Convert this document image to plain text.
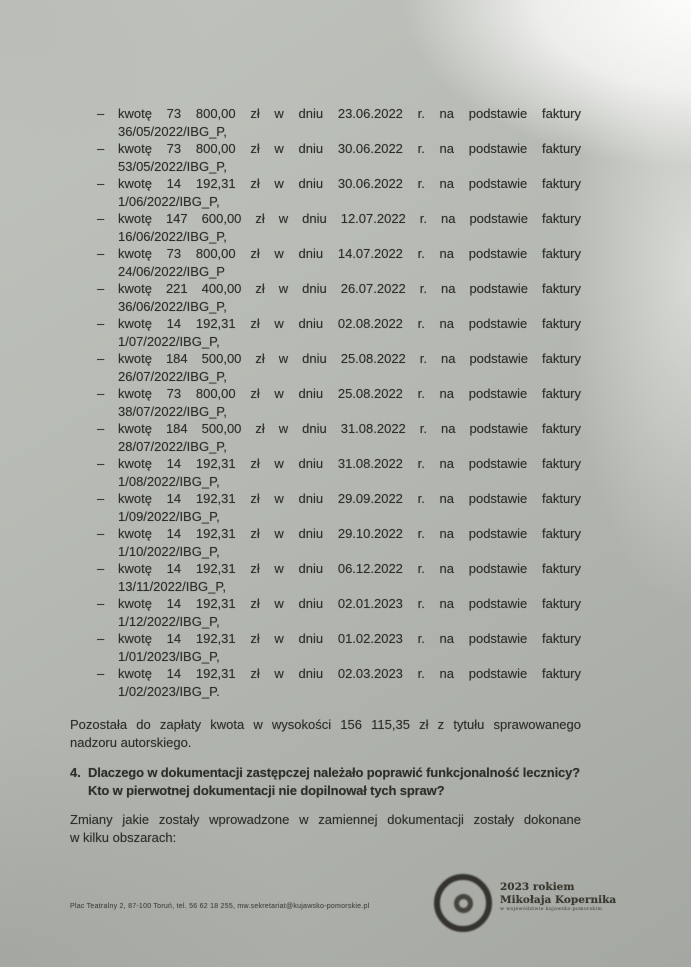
– kwotę 73 800,00 zł w dniu 23.06.2022 r. na podstawie faktury
36/05/2022/IBG_P,
– kwotę 73 800,00 zł w dniu 30.06.2022 r. na podstawie faktury
53/05/2022/IBG_P,
– kwotę 14 192,31 zł w dniu 30.06.2022 r. na podstawie faktury
1/06/2022/IBG_P,
– kwotę 147 600,00 zł w dniu 12.07.2022 r. na podstawie faktury
16/06/2022/IBG_P,
– kwotę 73 800,00 zł w dniu 14.07.2022 r. na podstawie faktury
24/06/2022/IBG_P
– kwotę 221 400,00 zł w dniu 26.07.2022 r. na podstawie faktury
36/06/2022/IBG_P,
– kwotę 14 192,31 zł w dniu 02.08.2022 r. na podstawie faktury
1/07/2022/IBG_P,
– kwotę 184 500,00 zł w dniu 25.08.2022 r. na podstawie faktury
26/07/2022/IBG_P,
– kwotę 73 800,00 zł w dniu 25.08.2022 r. na podstawie faktury
38/07/2022/IBG_P,
– kwotę 184 500,00 zł w dniu 31.08.2022 r. na podstawie faktury
28/07/2022/IBG_P,
– kwotę 14 192,31 zł w dniu 31.08.2022 r. na podstawie faktury
1/08/2022/IBG_P,
– kwotę 14 192,31 zł w dniu 29.09.2022 r. na podstawie faktury
1/09/2022/IBG_P,
– kwotę 14 192,31 zł w dniu 29.10.2022 r. na podstawie faktury
1/10/2022/IBG_P,
– kwotę 14 192,31 zł w dniu 06.12.2022 r. na podstawie faktury
13/11/2022/IBG_P,
– kwotę 14 192,31 zł w dniu 02.01.2023 r. na podstawie faktury
1/12/2022/IBG_P,
– kwotę 14 192,31 zł w dniu 01.02.2023 r. na podstawie faktury
1/01/2023/IBG_P,
– kwotę 14 192,31 zł w dniu 02.03.2023 r. na podstawie faktury
1/02/2023/IBG_P.

Pozostała do zapłaty kwota w wysokości 156 115,35 zł z tytułu sprawowanego
nadzoru autorskiego.

4. Dlaczego w dokumentacji zastępczej należało poprawić funkcjonalność lecznicy?
Kto w pierwotnej dokumentacji nie dopilnował tych spraw?

Zmiany jakie zostały wprowadzone w zamiennej dokumentacji zostały dokonane
w kilku obszarach:

Plac Teatralny 2, 87-100 Toruń, tel. 56 62 18 255, mw.sekretariat@kujawsko-pomorskie.pl
2023 rokiem
Mikołaja Kopernika
w województwie kujawsko-pomorskim
